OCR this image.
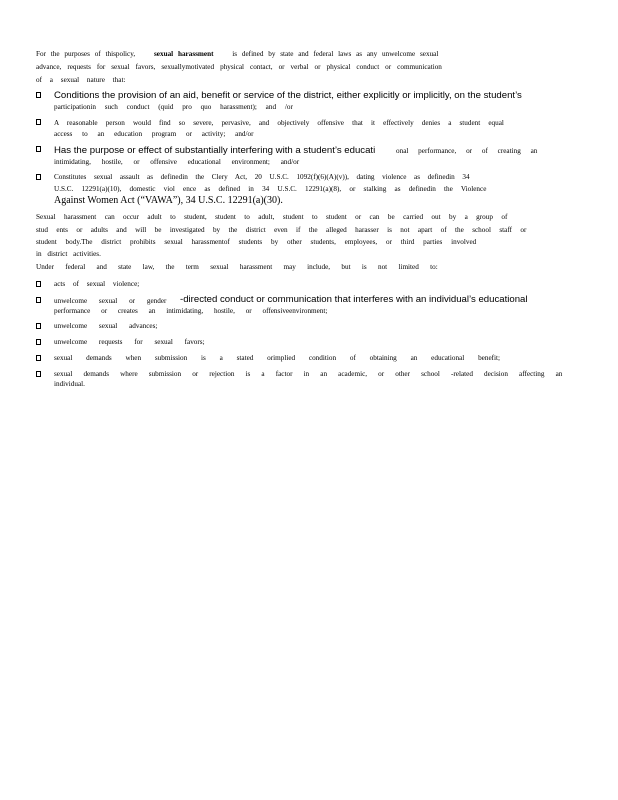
For the purposes of thispolicy,	sexual harassment	is defined by state and federal laws as any unwelcome sexual
advance, requests for sexual favors, sexuallymotivated physical contact, or verbal or physical conduct or communication
of a sexual nature that:
Conditions the provision of an aid, benefit or service of the district, either explicitly or implicitly, on the student’s
participationin such conduct (quid pro quo harassment); and /or
A reasonable person would find so severe, pervasive, and objectively offensive that it effectively denies a student equal
access to an education program or activity; and/or
Has the purpose or effect of substantially interfering with a student’s educati	onal performance, or of creating an
intimidating, hostile, or offensive educational environment; and/or
Constitutes sexual assault as definedin the Clery Act, 20 U.S.C. 1092(f)(6)(A)(v)), dating violence as definedin 34
U.S.C. 12291(a)(10), domestic viol ence as defined in 34 U.S.C. 12291(a)(8), or stalking as definedin the Violence
Against Women Act (“VAWA”), 34 U.S.C. 12291(a)(30).
Sexual harassment can occur adult to student, student to adult, student to student or can be carried out by a group of
stud ents or adults and will be investigated by the district even if the alleged harasser is not apart of the school staff or
student body.The district prohibits sexual harassmentof students by other students, employees, or third parties involved
in district activities.
Under federal and state law, the term sexual harassment may include, but is not limited to:
acts of sexual violence;
unwelcome sexual or gender -directed conduct or communication that interferes with an individual’s educational
performance or creates an intimidating, hostile, or offensiveenvironment;
unwelcome sexual advances;
unwelcome requests for sexual favors;
sexual demands when submission is a stated orimplied condition of obtaining an educational benefit;
sexual demands where submission or rejection is a factor in an academic, or other school -related decision affecting an
individual.
